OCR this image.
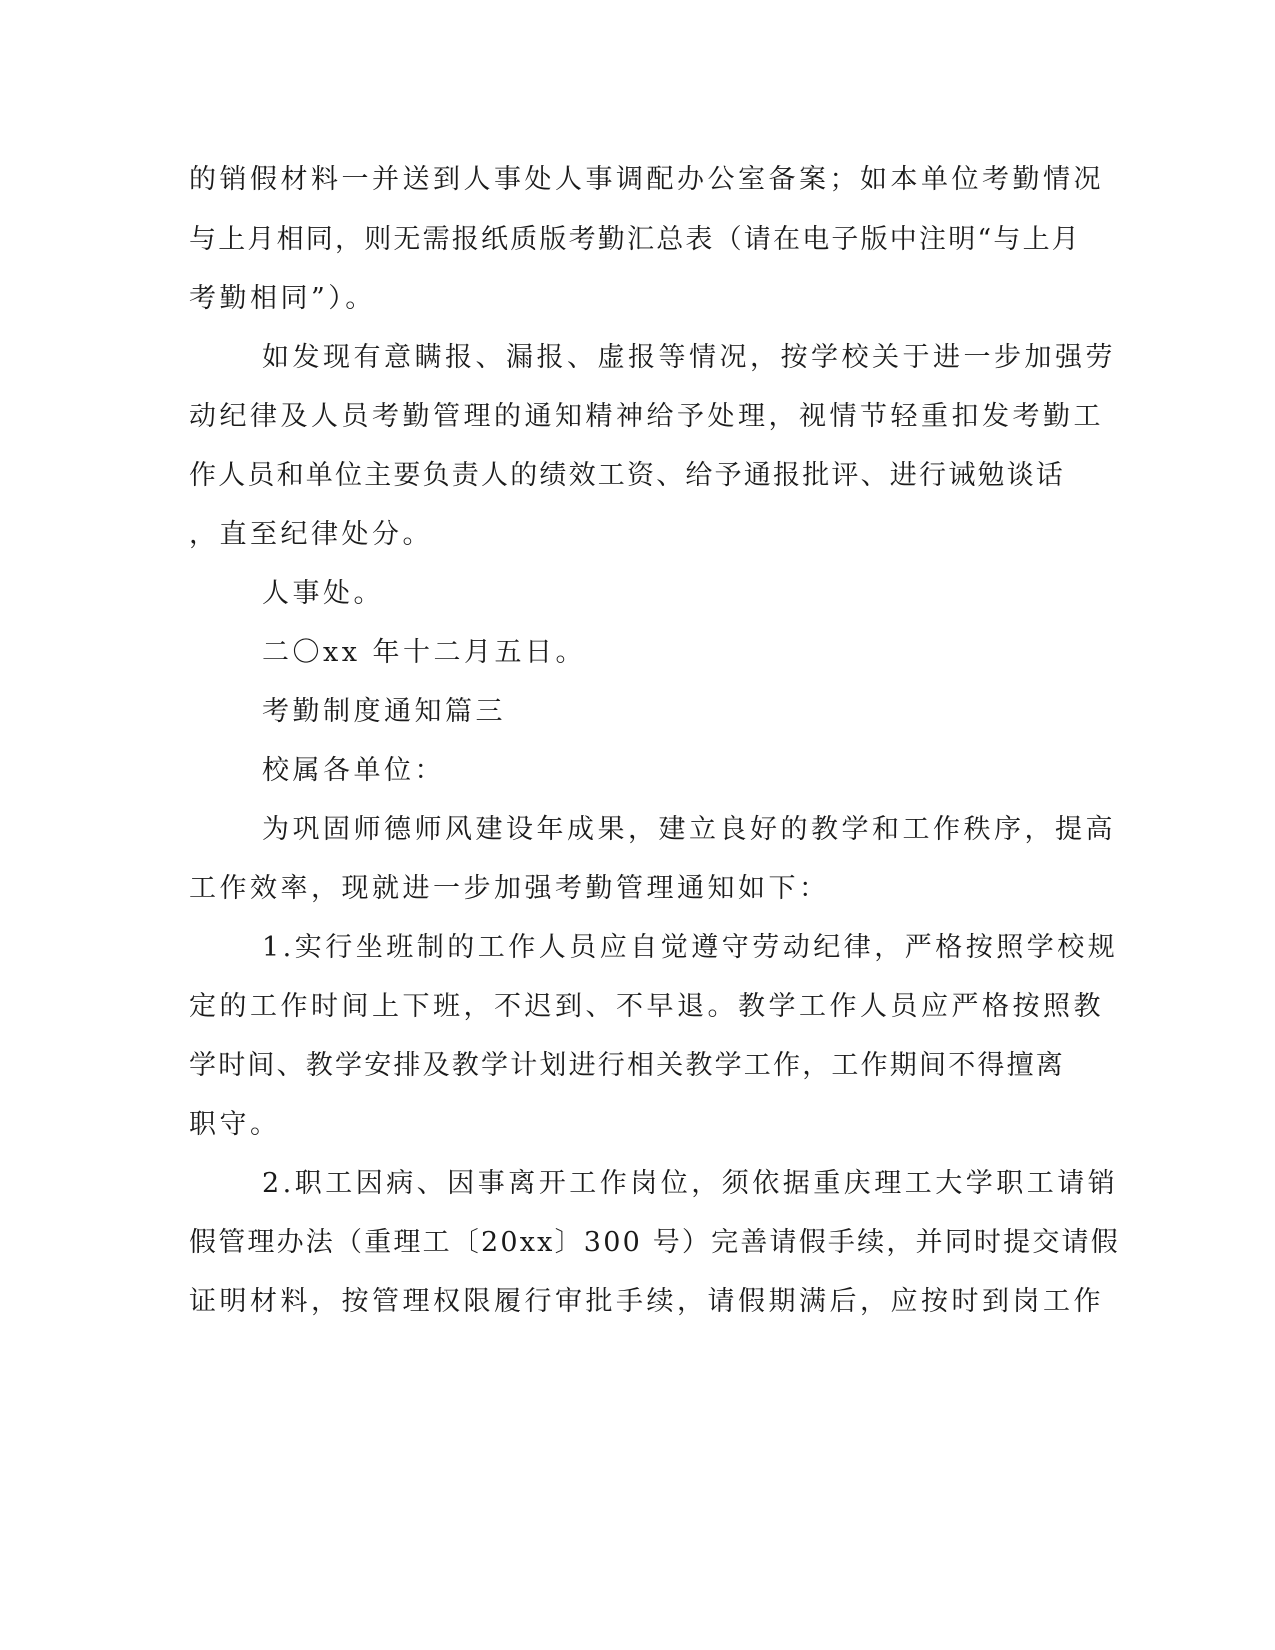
的销假材料一并送到人事处人事调配办公室备案；如本单位考勤情况
与上月相同，则无需报纸质版考勤汇总表（请在电子版中注明“与上月
考勤相同”）。
如发现有意瞒报、漏报、虚报等情况，按学校关于进一步加强劳
动纪律及人员考勤管理的通知精神给予处理，视情节轻重扣发考勤工
作人员和单位主要负责人的绩效工资、给予通报批评、进行诫勉谈话
，直至纪律处分。
人事处。
二〇xx 年十二月五日。
考勤制度通知篇三
校属各单位：
为巩固师德师风建设年成果，建立良好的教学和工作秩序，提高
工作效率，现就进一步加强考勤管理通知如下：
1.实行坐班制的工作人员应自觉遵守劳动纪律，严格按照学校规
定的工作时间上下班，不迟到、不早退。教学工作人员应严格按照教
学时间、教学安排及教学计划进行相关教学工作，工作期间不得擅离
职守。
2.职工因病、因事离开工作岗位，须依据重庆理工大学职工请销
假管理办法（重理工〔20xx〕300 号）完善请假手续，并同时提交请假
证明材料，按管理权限履行审批手续，请假期满后，应按时到岗工作
